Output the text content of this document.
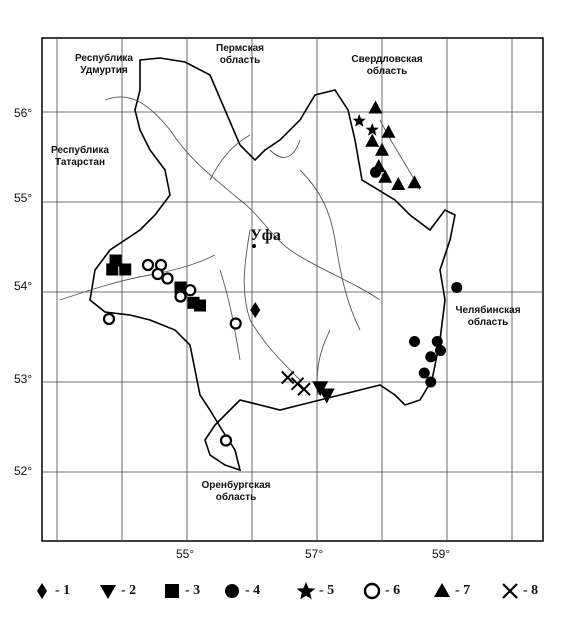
56°
55°
54°
53°
52°
55°	57°	59°
Республика
Удмуртия
Пермская
область	Свердловская
область
Республика
Татарстан
Челябинская
область
Оренбургская
область
Уфа
- 1	- 2	- 3	- 4	- 5	- 6	- 7	- 8
